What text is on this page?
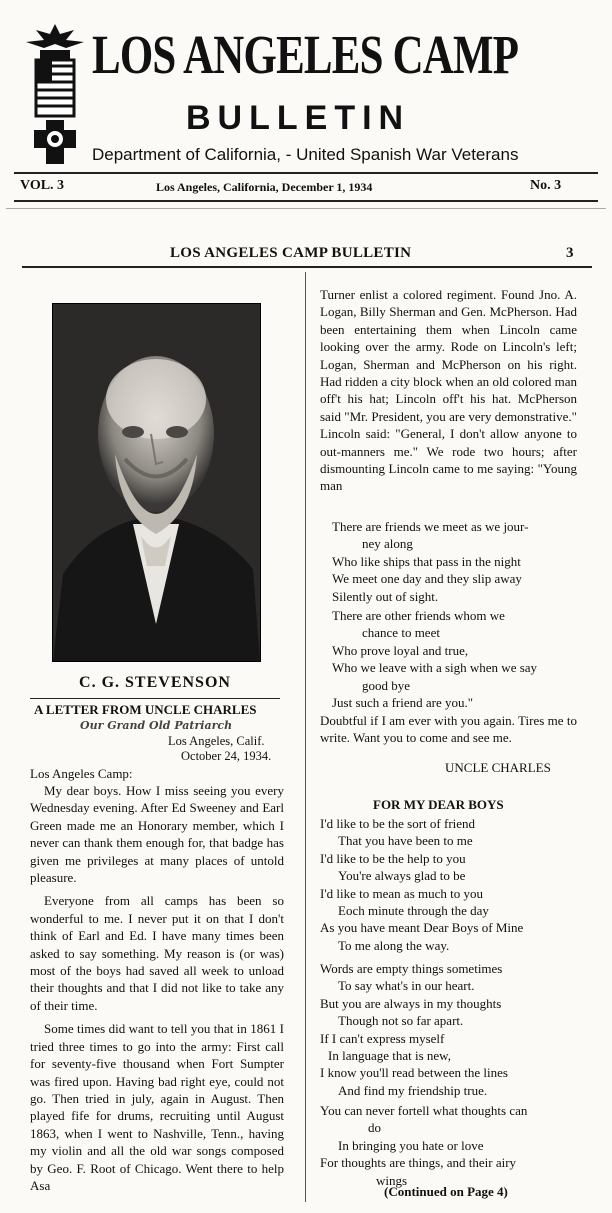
LOS ANGELES CAMP
BULLETIN
Department of California, - United Spanish War Veterans
VOL. 3	Los Angeles, California, December 1, 1934	No. 3
LOS ANGELES CAMP BULLETIN	3
C. G. STEVENSON
A LETTER FROM UNCLE CHARLES
Our Grand Old Patriarch
Los Angeles, Calif.
October 24, 1934.
Los Angeles Camp:

My dear boys. How I miss seeing you every Wednesday evening. After Ed Sweeney and Earl Green made me an Honorary member, which I never can thank them enough for, that badge has given me privileges at many places of untold pleasure.

Everyone from all camps has been so wonderful to me. I never put it on that I don't think of Earl and Ed. I have many times been asked to say something. My reason is (or was) most of the boys had saved all week to unload their thoughts and that I did not like to take any of their time.

Some times did want to tell you that in 1861 I tried three times to go into the army: First call for seventy-five thousand when Fort Sumpter was fired upon. Having bad right eye, could not go. Then tried in july, again in August. Then played fife for drums, recruiting until August 1863, when I went to Nashville, Tenn., having my violin and all the old war songs composed by Geo. F. Root of Chicago. Went there to help Asa

Turner enlist a colored regiment. Found Jno. A. Logan, Billy Sherman and Gen. McPherson. Had been entertaining them when Lincoln came looking over the army. Rode on Lincoln's left; Logan, Sherman and McPherson on his right. Had ridden a city block when an old colored man off't his hat; Lincoln off't his hat. McPherson said "Mr. President, you are very demonstrative." Lincoln said: "General, I don't allow anyone to out-manners me." We rode two hours; after dismounting Lincoln came to me saying: "Young man

There are friends we meet as we jour-
ney along
Who like ships that pass in the night
We meet one day and they slip away
Silently out of sight.
There are other friends whom we
chance to meet
Who prove loyal and true,
Who we leave with a sigh when we say
good bye
Just such a friend are you."

Doubtful if I am ever with you again. Tires me to write. Want you to come and see me.

UNCLE CHARLES
FOR MY DEAR BOYS
I'd like to be the sort of friend
That you have been to me
I'd like to be the help to you
You're always glad to be
I'd like to mean as much to you
Eoch minute through the day
As you have meant Dear Boys of Mine
To me along the way.
Words are empty things sometimes
To say what's in our heart.
But you are always in my thoughts
Though not so far apart.
If I can't express myself
In language that is new,
I know you'll read between the lines
And find my friendship true.
You can never fortell what thoughts can
do
In bringing you hate or love
For thoughts are things, and their airy
wings
(Continued on Page 4)
